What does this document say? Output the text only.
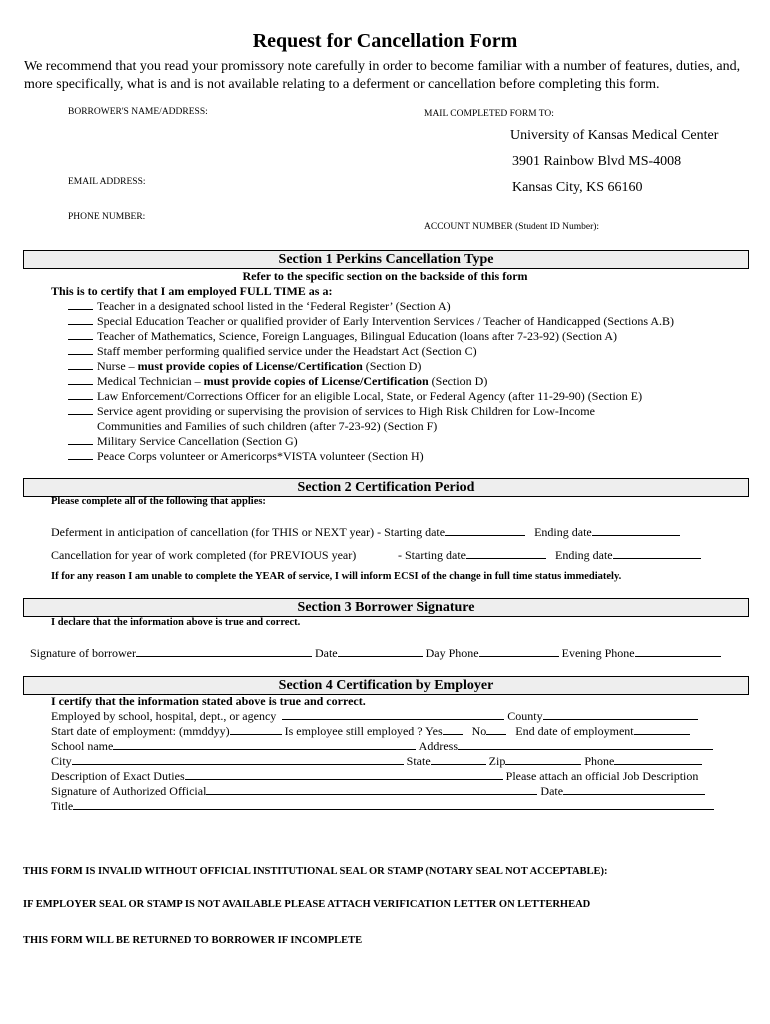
Request for Cancellation Form
We recommend that you read your promissory note carefully in order to become familiar with a number of features, duties, and, more specifically, what is and is not available relating to a deferment or cancellation before completing this form.
BORROWER'S NAME/ADDRESS:
EMAIL ADDRESS:
PHONE NUMBER:
MAIL COMPLETED FORM TO:
University of Kansas Medical Center
3901 Rainbow Blvd MS-4008
Kansas City, KS 66160
ACCOUNT NUMBER (Student ID Number):
Section 1 Perkins Cancellation Type
Refer to the specific section on the backside of this form
This is to certify that I am employed FULL TIME as a:
Teacher in a designated school listed in the ‘Federal Register’ (Section A)
Special Education Teacher or qualified provider of Early Intervention Services / Teacher of Handicapped (Sections A.B)
Teacher of Mathematics, Science, Foreign Languages, Bilingual Education (loans after 7-23-92) (Section A)
Staff member performing qualified service under the Headstart Act (Section C)
Nurse – must provide copies of License/Certification (Section D)
Medical Technician – must provide copies of License/Certification (Section D)
Law Enforcement/Corrections Officer for an eligible Local, State, or Federal Agency (after 11-29-90) (Section E)
Service agent providing or supervising the provision of services to High Risk Children for Low-Income
Communities and Families of such children (after 7-23-92) (Section F)
Military Service Cancellation (Section G)
Peace Corps volunteer or Americorps*VISTA volunteer (Section H)
Section 2 Certification Period
Please complete all of the following that applies:
Deferment in anticipation of cancellation (for THIS or NEXT year) - Starting date	Ending date
Cancellation for year of work completed (for PREVIOUS year)	- Starting date	Ending date
If for any reason I am unable to complete the YEAR of service, I will inform ECSI of the change in full time status immediately.
Section 3 Borrower Signature
I declare that the information above is true and correct.
Signature of borrower	Date	Day Phone	Evening Phone
Section 4 Certification by Employer
I certify that the information stated above is true and correct.
Employed by school, hospital, dept., or agency	County
Start date of employment: (mmddyy)	Is employee still employed ? Yes No End date of employment
School name	Address
City	State	Zip	Phone
Description of Exact Duties	Please attach an official Job Description
Signature of Authorized Official	Date
Title
THIS FORM IS INVALID WITHOUT OFFICIAL INSTITUTIONAL SEAL OR STAMP (NOTARY SEAL NOT ACCEPTABLE):
IF EMPLOYER SEAL OR STAMP IS NOT AVAILABLE PLEASE ATTACH VERIFICATION LETTER ON LETTERHEAD
THIS FORM WILL BE RETURNED TO BORROWER IF INCOMPLETE
